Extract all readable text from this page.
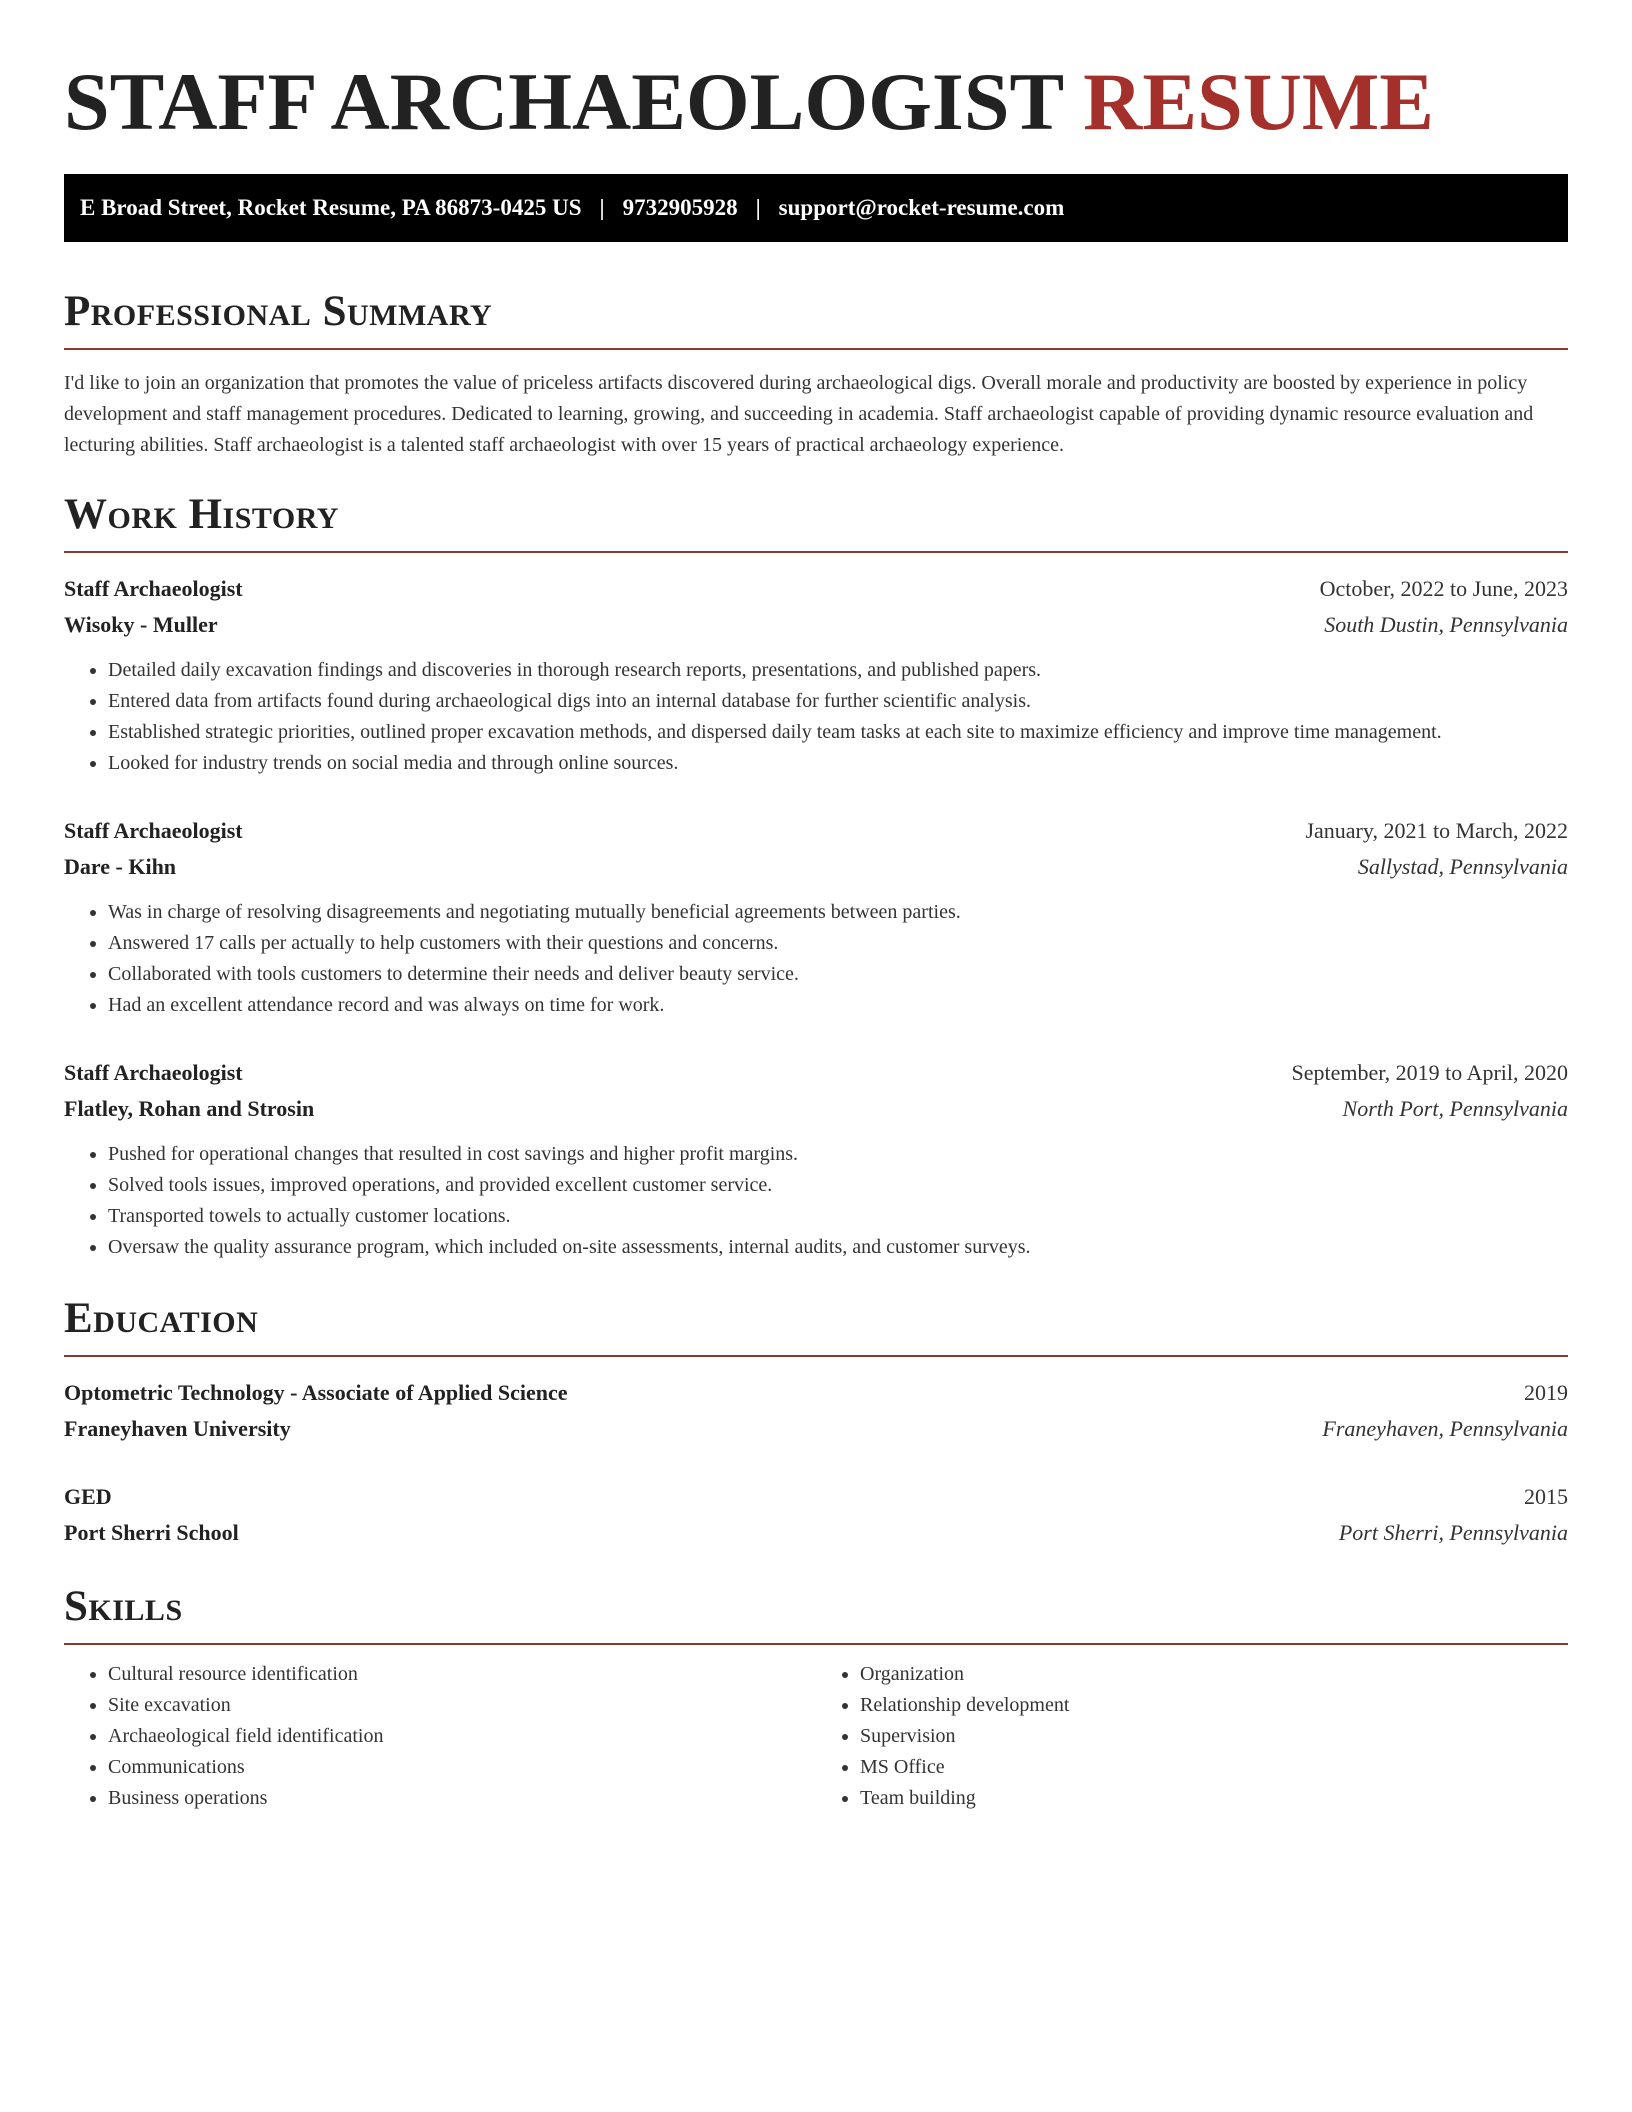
STAFF ARCHAEOLOGIST RESUME
E Broad Street, Rocket Resume, PA 86873-0425 US | 9732905928 | support@rocket-resume.com
Professional Summary

I'd like to join an organization that promotes the value of priceless artifacts discovered during archaeological digs. Overall morale and productivity are boosted by experience in policy development and staff management procedures. Dedicated to learning, growing, and succeeding in academia. Staff archaeologist capable of providing dynamic resource evaluation and lecturing abilities. Staff archaeologist is a talented staff archaeologist with over 15 years of practical archaeology experience.

Work History
Staff Archaeologist	October, 2022 to June, 2023
Wisoky - Muller	South Dustin, Pennsylvania
• Detailed daily excavation findings and discoveries in thorough research reports, presentations, and published papers.
• Entered data from artifacts found during archaeological digs into an internal database for further scientific analysis.
• Established strategic priorities, outlined proper excavation methods, and dispersed daily team tasks at each site to maximize efficiency and improve time management.
• Looked for industry trends on social media and through online sources.
Staff Archaeologist	January, 2021 to March, 2022
Dare - Kihn	Sallystad, Pennsylvania
• Was in charge of resolving disagreements and negotiating mutually beneficial agreements between parties.
• Answered 17 calls per actually to help customers with their questions and concerns.
• Collaborated with tools customers to determine their needs and deliver beauty service.
• Had an excellent attendance record and was always on time for work.
Staff Archaeologist	September, 2019 to April, 2020
Flatley, Rohan and Strosin	North Port, Pennsylvania
• Pushed for operational changes that resulted in cost savings and higher profit margins.
• Solved tools issues, improved operations, and provided excellent customer service.
• Transported towels to actually customer locations.
• Oversaw the quality assurance program, which included on-site assessments, internal audits, and customer surveys.
Education
Optometric Technology - Associate of Applied Science	2019
Franeyhaven University	Franeyhaven, Pennsylvania
GED	2015
Port Sherri School	Port Sherri, Pennsylvania
Skills
• Cultural resource identification
• Site excavation
• Archaeological field identification
• Communications
• Business operations
• Organization
• Relationship development
• Supervision
• MS Office
• Team building
